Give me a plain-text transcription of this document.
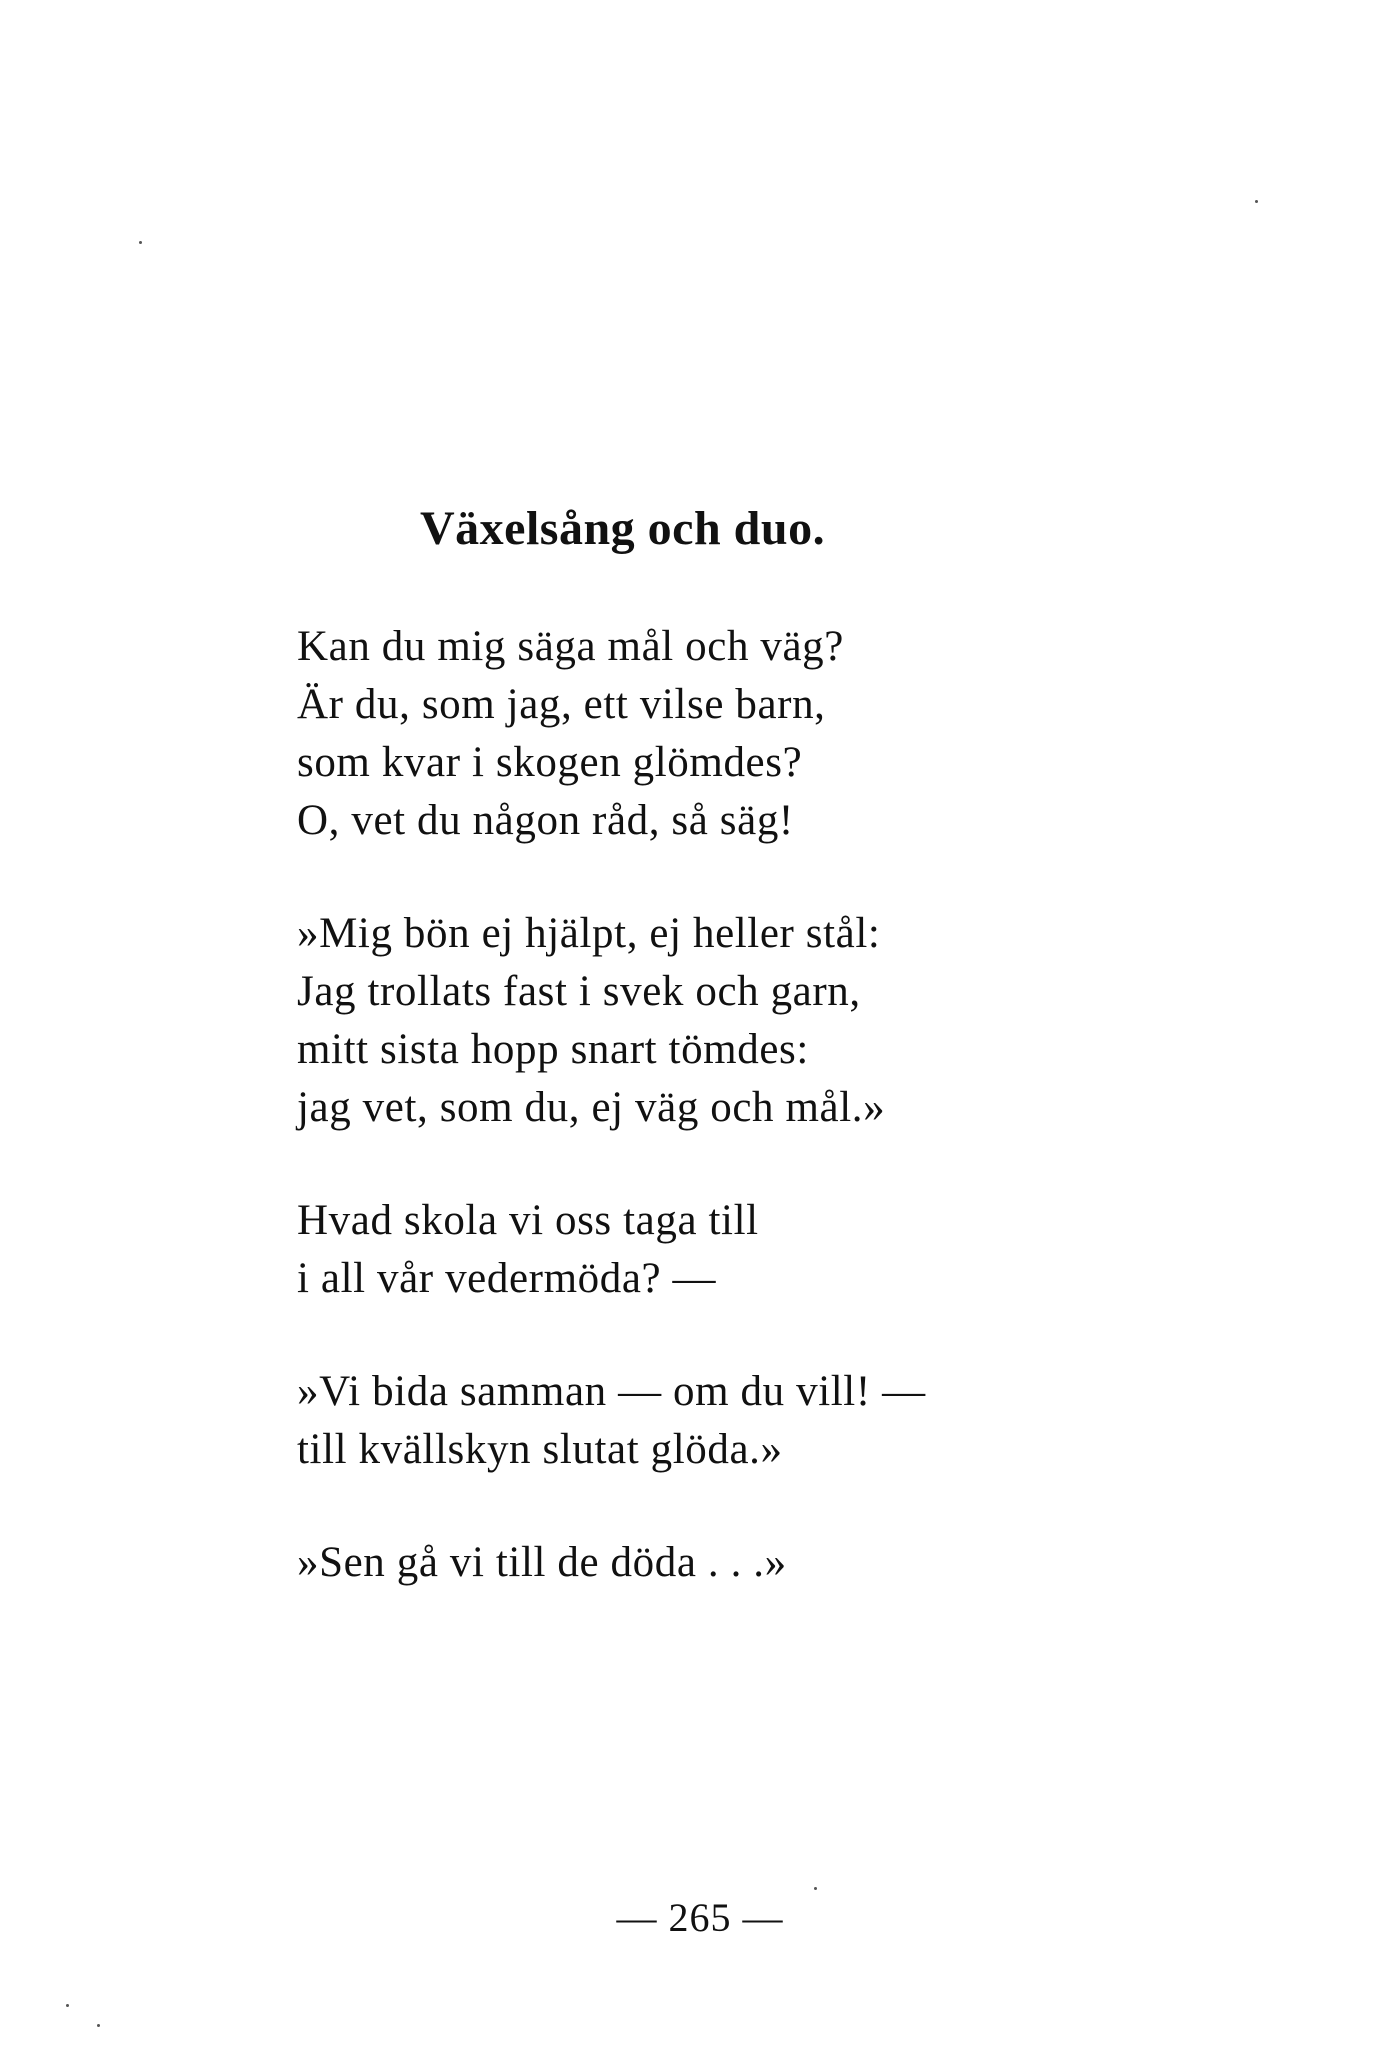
Växelsång och duo.
Kan du mig säga mål och väg?
Är du, som jag, ett vilse barn,
som kvar i skogen glömdes?
O, vet du någon råd, så säg!
»Mig bön ej hjälpt, ej heller stål:
Jag trollats fast i svek och garn,
mitt sista hopp snart tömdes:
jag vet, som du, ej väg och mål.»
Hvad skola vi oss taga till
i all vår vedermöda? —
»Vi bida samman — om du vill! —
till kvällskyn slutat glöda.»
»Sen gå vi till de döda . . .»
— 265 —
